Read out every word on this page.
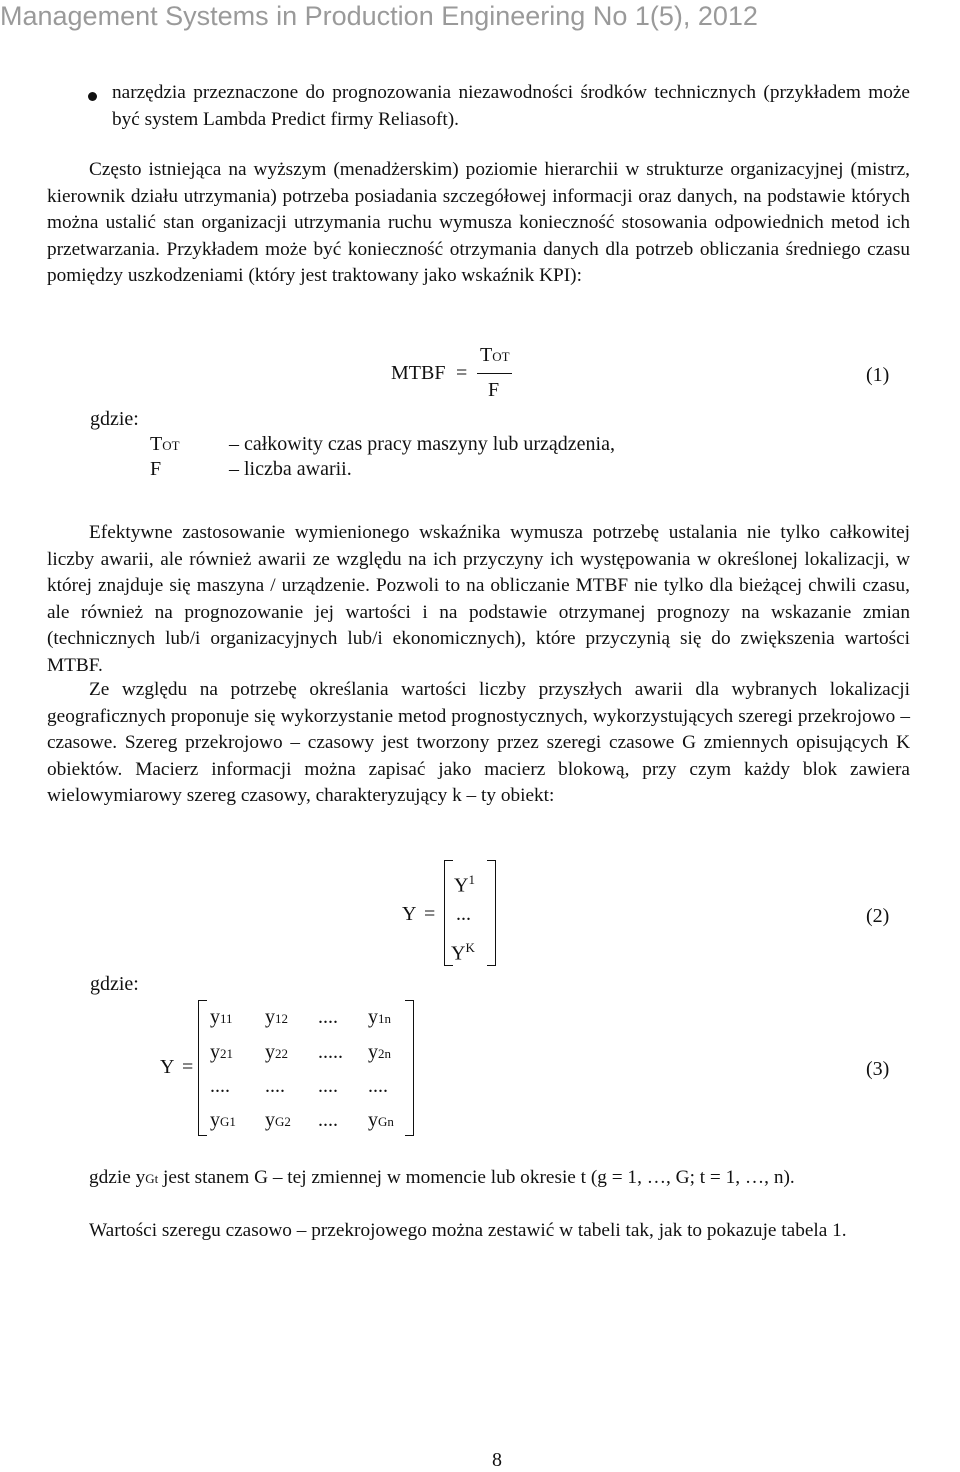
Management Systems in Production Engineering No 1(5), 2012

narzędzia przeznaczone do prognozowania niezawodności środków technicznych (przykładem może być system Lambda Predict firmy Reliasoft).

Często istniejąca na wyższym (menadżerskim) poziomie hierarchii w strukturze organizacyjnej (mistrz, kierownik działu utrzymania) potrzeba posiadania szczegółowej informacji oraz danych, na podstawie których można ustalić stan organizacji utrzymania ruchu wymusza konieczność stosowania odpowiednich metod ich przetwarzania. Przykładem może być konieczność otrzymania danych dla potrzeb obliczania średniego czasu pomiędzy uszkodzeniami (który jest traktowany jako wskaźnik KPI):

MTBF =
TOT
F
(1)
gdzie:
TOT – całkowity czas pracy maszyny lub urządzenia,
F	– liczba awarii.

Efektywne zastosowanie wymienionego wskaźnika wymusza potrzebę ustalania nie tylko całkowitej liczby awarii, ale również awarii ze względu na ich przyczyny ich występowania w określonej lokalizacji, w której znajduje się maszyna / urządzenie. Pozwoli to na obliczanie MTBF nie tylko dla bieżącej chwili czasu, ale również na prognozowanie jej wartości i na podstawie otrzymanej prognozy na wskazanie zmian (technicznych lub/i organizacyjnych lub/i ekonomicznych), które przyczynią się do zwiększenia wartości MTBF.

Ze względu na potrzebę określania wartości liczby przyszłych awarii dla wybranych lokalizacji geograficznych proponuje się wykorzystanie metod prognostycznych, wykorzystujących szeregi przekrojowo – czasowe. Szereg przekrojowo – czasowy jest tworzony przez szeregi czasowe G zmiennych opisujących K obiektów. Macierz informacji można zapisać jako macierz blokową, przy czym każdy blok zawiera wielowymiarowy szereg czasowy, charakteryzujący k – ty obiekt:

Y =
$Y^1$
...
$Y^K$
(2)
gdzie:
Y =
y11 y12 .... y1n
y21 y22 ..... y2n
.... .... .... ....
yG1 yG2 .... yGn
(3)

gdzie yGt jest stanem G – tej zmiennej w momencie lub okresie t (g = 1, …, G; t = 1, …, n).

Wartości szeregu czasowo – przekrojowego można zestawić w tabeli tak, jak to pokazuje tabela 1.

8
